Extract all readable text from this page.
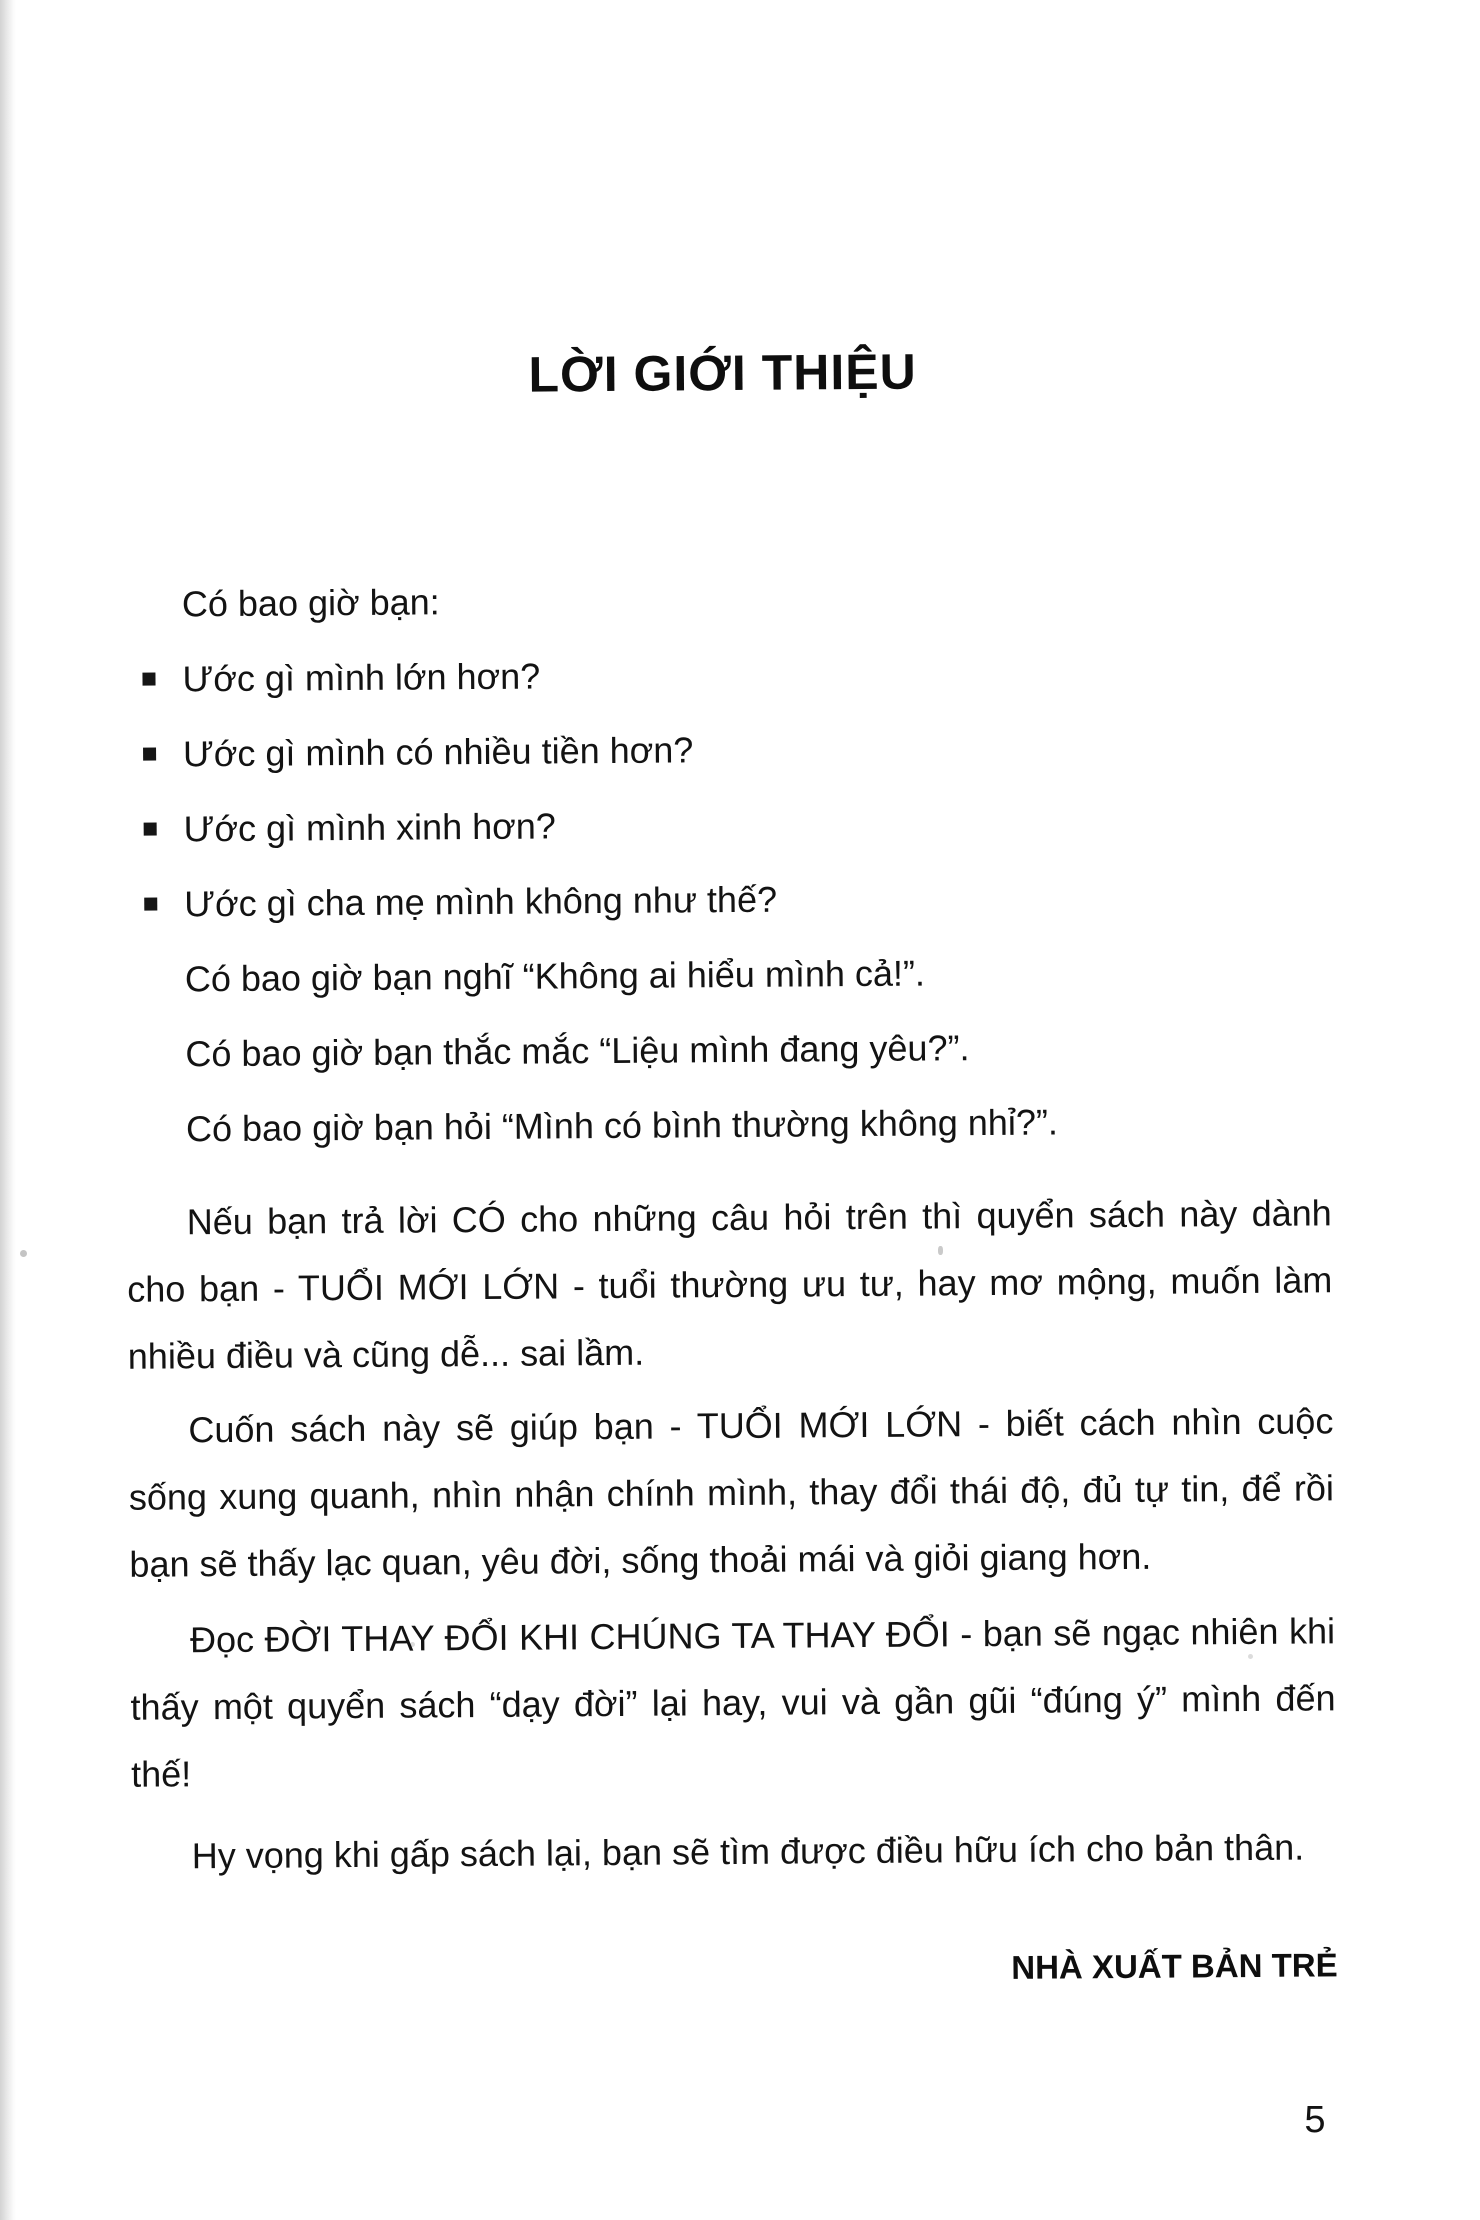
LỜI GIỚI THIỆU
Có bao giờ bạn:
Ước gì mình lớn hơn?
Ước gì mình có nhiều tiền hơn?
Ước gì mình xinh hơn?
Ước gì cha mẹ mình không như thế?
Có bao giờ bạn nghĩ “Không ai hiểu mình cả!”.
Có bao giờ bạn thắc mắc “Liệu mình đang yêu?”.
Có bao giờ bạn hỏi “Mình có bình thường không nhỉ?”.

Nếu bạn trả lời CÓ cho những câu hỏi trên thì quyển sách này dành cho bạn - TUỔI MỚI LỚN - tuổi thường ưu tư, hay mơ mộng, muốn làm nhiều điều và cũng dễ... sai lầm.

Cuốn sách này sẽ giúp bạn - TUỔI MỚI LỚN - biết cách nhìn cuộc sống xung quanh, nhìn nhận chính mình, thay đổi thái độ, đủ tự tin, để rồi bạn sẽ thấy lạc quan, yêu đời, sống thoải mái và giỏi giang hơn.

Đọc ĐỜI THAY ĐỔI KHI CHÚNG TA THAY ĐỔI - bạn sẽ ngạc nhiên khi thấy một quyển sách “dạy đời” lại hay, vui và gần gũi “đúng ý” mình đến thế!

Hy vọng khi gấp sách lại, bạn sẽ tìm được điều hữu ích cho bản thân.

NHÀ XUẤT BẢN TRẺ
5
